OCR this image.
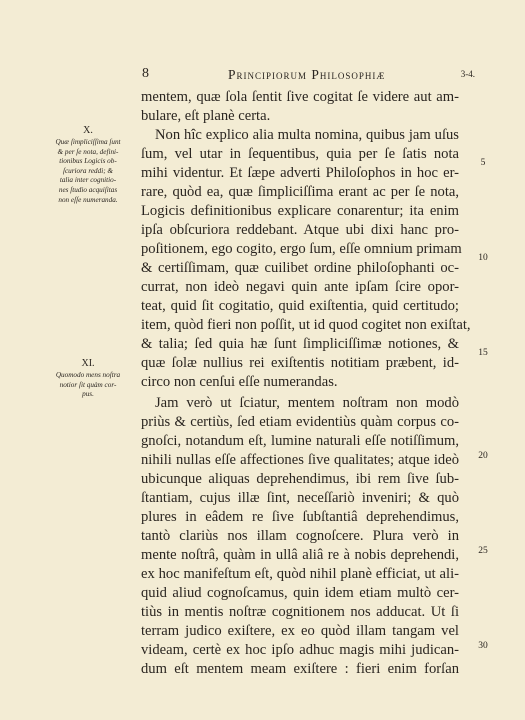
8	Principiorum Philosophiæ	3-4.
X.
Quæ ſimpliciſſima ſunt
& per ſe nota, defini-
tionibus Logicis ob-
ſcuriora reddi; &
talia inter cognitio-
nes ſtudio acquiſitas
non eſſe numeranda.
XI.
Quomodo mens noſtra
notior ſit quàm cor-
pus.
mentem, quæ ſola ſentit ſive cogitat ſe videre aut am-
bulare, eſt planè certa.
Non hîc explico alia multa nomina, quibus jam uſus
ſum, vel utar in ſequentibus, quia per ſe ſatis nota
mihi videntur. Et ſæpe adverti Philoſophos in hoc er-
rare, quòd ea, quæ ſimpliciſſima erant ac per ſe nota,
Logicis definitionibus explicare conarentur; ita enim
ipſa obſcuriora reddebant. Atque ubi dixi hanc pro-
poſitionem, ego cogito, ergo ſum, eſſe omnium primam
& certiſſimam, quæ cuilibet ordine philoſophanti oc-
currat, non ideò negavi quin ante ipſam ſcire opor-
teat, quid ſit cogitatio, quid exiſtentia, quid certitudo;
item, quòd fieri non poſſit, ut id quod cogitet non exiſtat,
& talia; ſed quia hæ ſunt ſimpliciſſimæ notiones, &
quæ ſolæ nullius rei exiſtentis notitiam præbent, id-
circo non cenſui eſſe numerandas.
Jam verò ut ſciatur, mentem noſtram non modò
priùs & certiùs, ſed etiam evidentiùs quàm corpus co-
gnoſci, notandum eſt, lumine naturali eſſe notiſſimum,
nihili nullas eſſe affectiones ſive qualitates; atque ideò
ubicunque aliquas deprehendimus, ibi rem ſive ſub-
ſtantiam, cujus illæ ſint, neceſſariò inveniri; & quò
plures in eâdem re ſive ſubſtantiâ deprehendimus,
tantò clariùs nos illam cognoſcere. Plura verò in
mente noſtrâ, quàm in ullâ aliâ re à nobis deprehendi,
ex hoc manifeſtum eſt, quòd nihil planè efficiat, ut ali-
quid aliud cognoſcamus, quin idem etiam multò cer-
tiùs in mentis noſtræ cognitionem nos adducat. Ut ſi
terram judico exiſtere, ex eo quòd illam tangam vel
videam, certè ex hoc ipſo adhuc magis mihi judican-
dum eſt mentem meam exiſtere : fieri enim forſan
5
10
15
20
25
30
